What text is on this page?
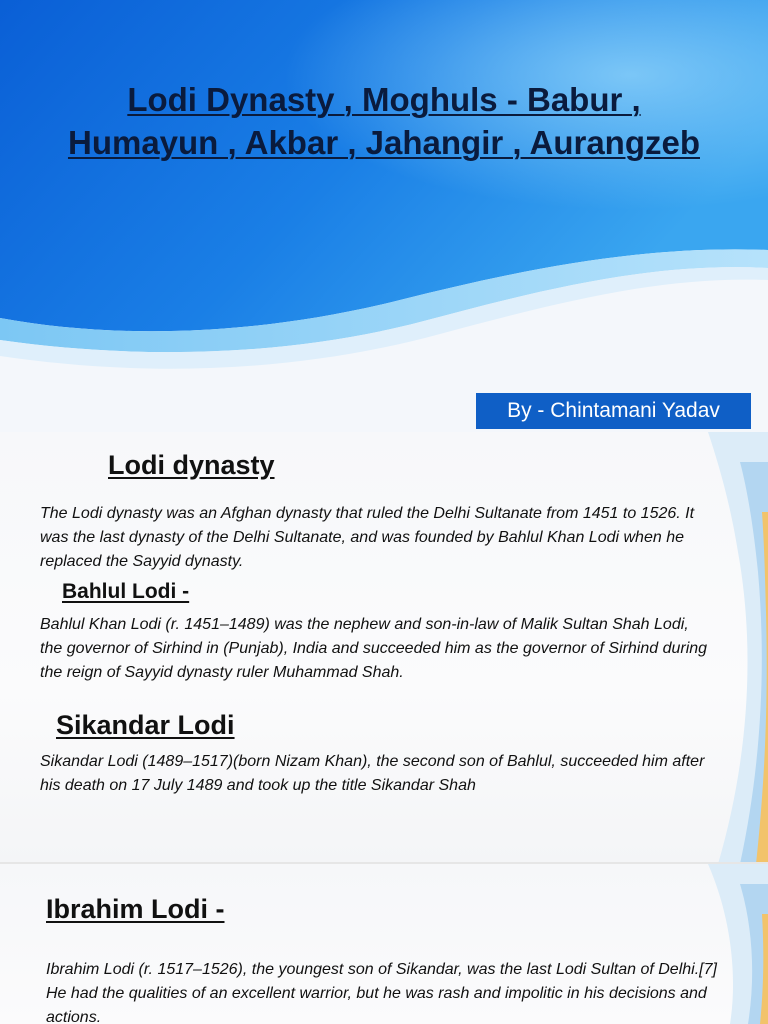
Lodi Dynasty , Moghuls - Babur ,
Humayun , Akbar , Jahangir , Aurangzeb
By - Chintamani Yadav
Lodi dynasty

The Lodi dynasty was an Afghan dynasty that ruled the Delhi Sultanate from 1451 to 1526. It was the last dynasty of the Delhi Sultanate, and was founded by Bahlul Khan Lodi when he replaced the Sayyid dynasty.

Bahlul Lodi -

Bahlul Khan Lodi (r. 1451–1489) was the nephew and son-in-law of Malik Sultan Shah Lodi, the governor of Sirhind in (Punjab), India and succeeded him as the governor of Sirhind during the reign of Sayyid dynasty ruler Muhammad Shah.

Sikandar Lodi

Sikandar Lodi (1489–1517)(born Nizam Khan), the second son of Bahlul, succeeded him after his death on 17 July 1489 and took up the title Sikandar Shah

Ibrahim Lodi -

Ibrahim Lodi (r. 1517–1526), the youngest son of Sikandar, was the last Lodi Sultan of Delhi.[7] He had the qualities of an excellent warrior, but he was rash and impolitic in his decisions and actions.
